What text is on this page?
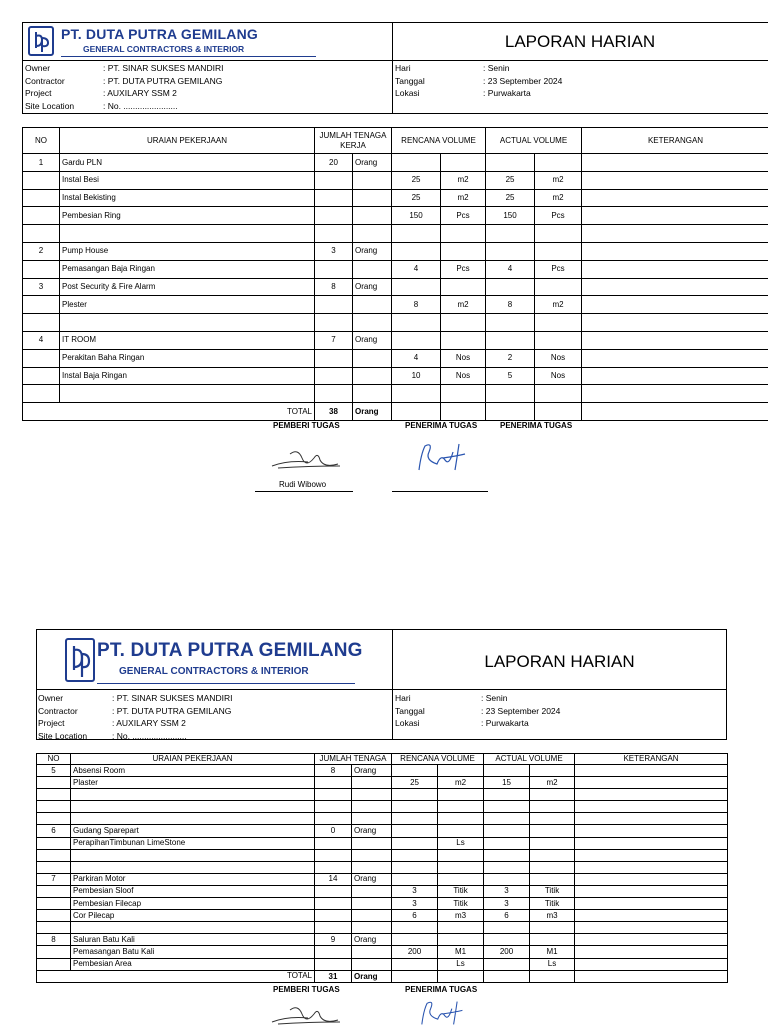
PT. DUTA PUTRA GEMILANG
GENERAL CONTRACTORS & INTERIOR	LAPORAN HARIAN
Owner	: PT. SINAR SUKSES MANDIRI
Contractor	: PT. DUTA PUTRA GEMILANG
Project	: AUXILARY SSM 2
Site Location	: No. .......................
Hari	: Senin
Tanggal	: 23 September 2024
Lokasi	: Purwakarta
NO	URAIAN PEKERJAAN	JUMLAH TENAGA KERJA		RENCANA VOLUME		ACTUAL VOLUME		KETERANGAN
1	Gardu PLN	20	Orang					
	Instal Besi			25	m2	25	m2	
	Instal Bekisting			25	m2	25	m2	
	Pembesian Ring			150	Pcs	150	Pcs	

2	Pump House	3	Orang					
	Pemasangan Baja Ringan			4	Pcs	4	Pcs	
3	Post Security & Fire Alarm	8	Orang					
	Plester			8	m2	8	m2	

4	IT ROOM	7	Orang					
	Perakitan Baha Ringan			4	Nos	2	Nos	
	Instal Baja Ringan			10	Nos	5	Nos	

TOTAL		38	Orang					
PEMBERI TUGAS	PENERIMA TUGAS	PENERIMA TUGAS
Rudi Wibowo
PT. DUTA PUTRA GEMILANG
GENERAL CONTRACTORS & INTERIOR
LAPORAN HARIAN
Owner	: PT. SINAR SUKSES MANDIRI
Contractor	: PT. DUTA PUTRA GEMILANG
Project	: AUXILARY SSM 2
Site Location	: No. .......................
Hari	: Senin
Tanggal	: 23 September 2024
Lokasi	: Purwakarta
NO	URAIAN PEKERJAAN	JUMLAH TENAGA		RENCANA VOLUME		ACTUAL VOLUME		KETERANGAN
5	Absensi Room	8	Orang					
	Plaster			25	m2	15	m2	

6	Gudang Sparepart	0	Orang					
	PerapihanTimbunan LimeStone				Ls			

7	Parkiran Motor	14	Orang					
	Pembesian Sloof			3	Titik	3	Titik	
	Pembesian Filecap			3	Titik	3	Titik	
	Cor Pilecap			6	m3	6	m3	

8	Saluran Batu Kali	9	Orang					
	Pemasangan Batu Kali			200	M1	200	M1	
	Pembesian Area				Ls		Ls	
TOTAL		31	Orang					
PEMBERI TUGAS	PENERIMA TUGAS
